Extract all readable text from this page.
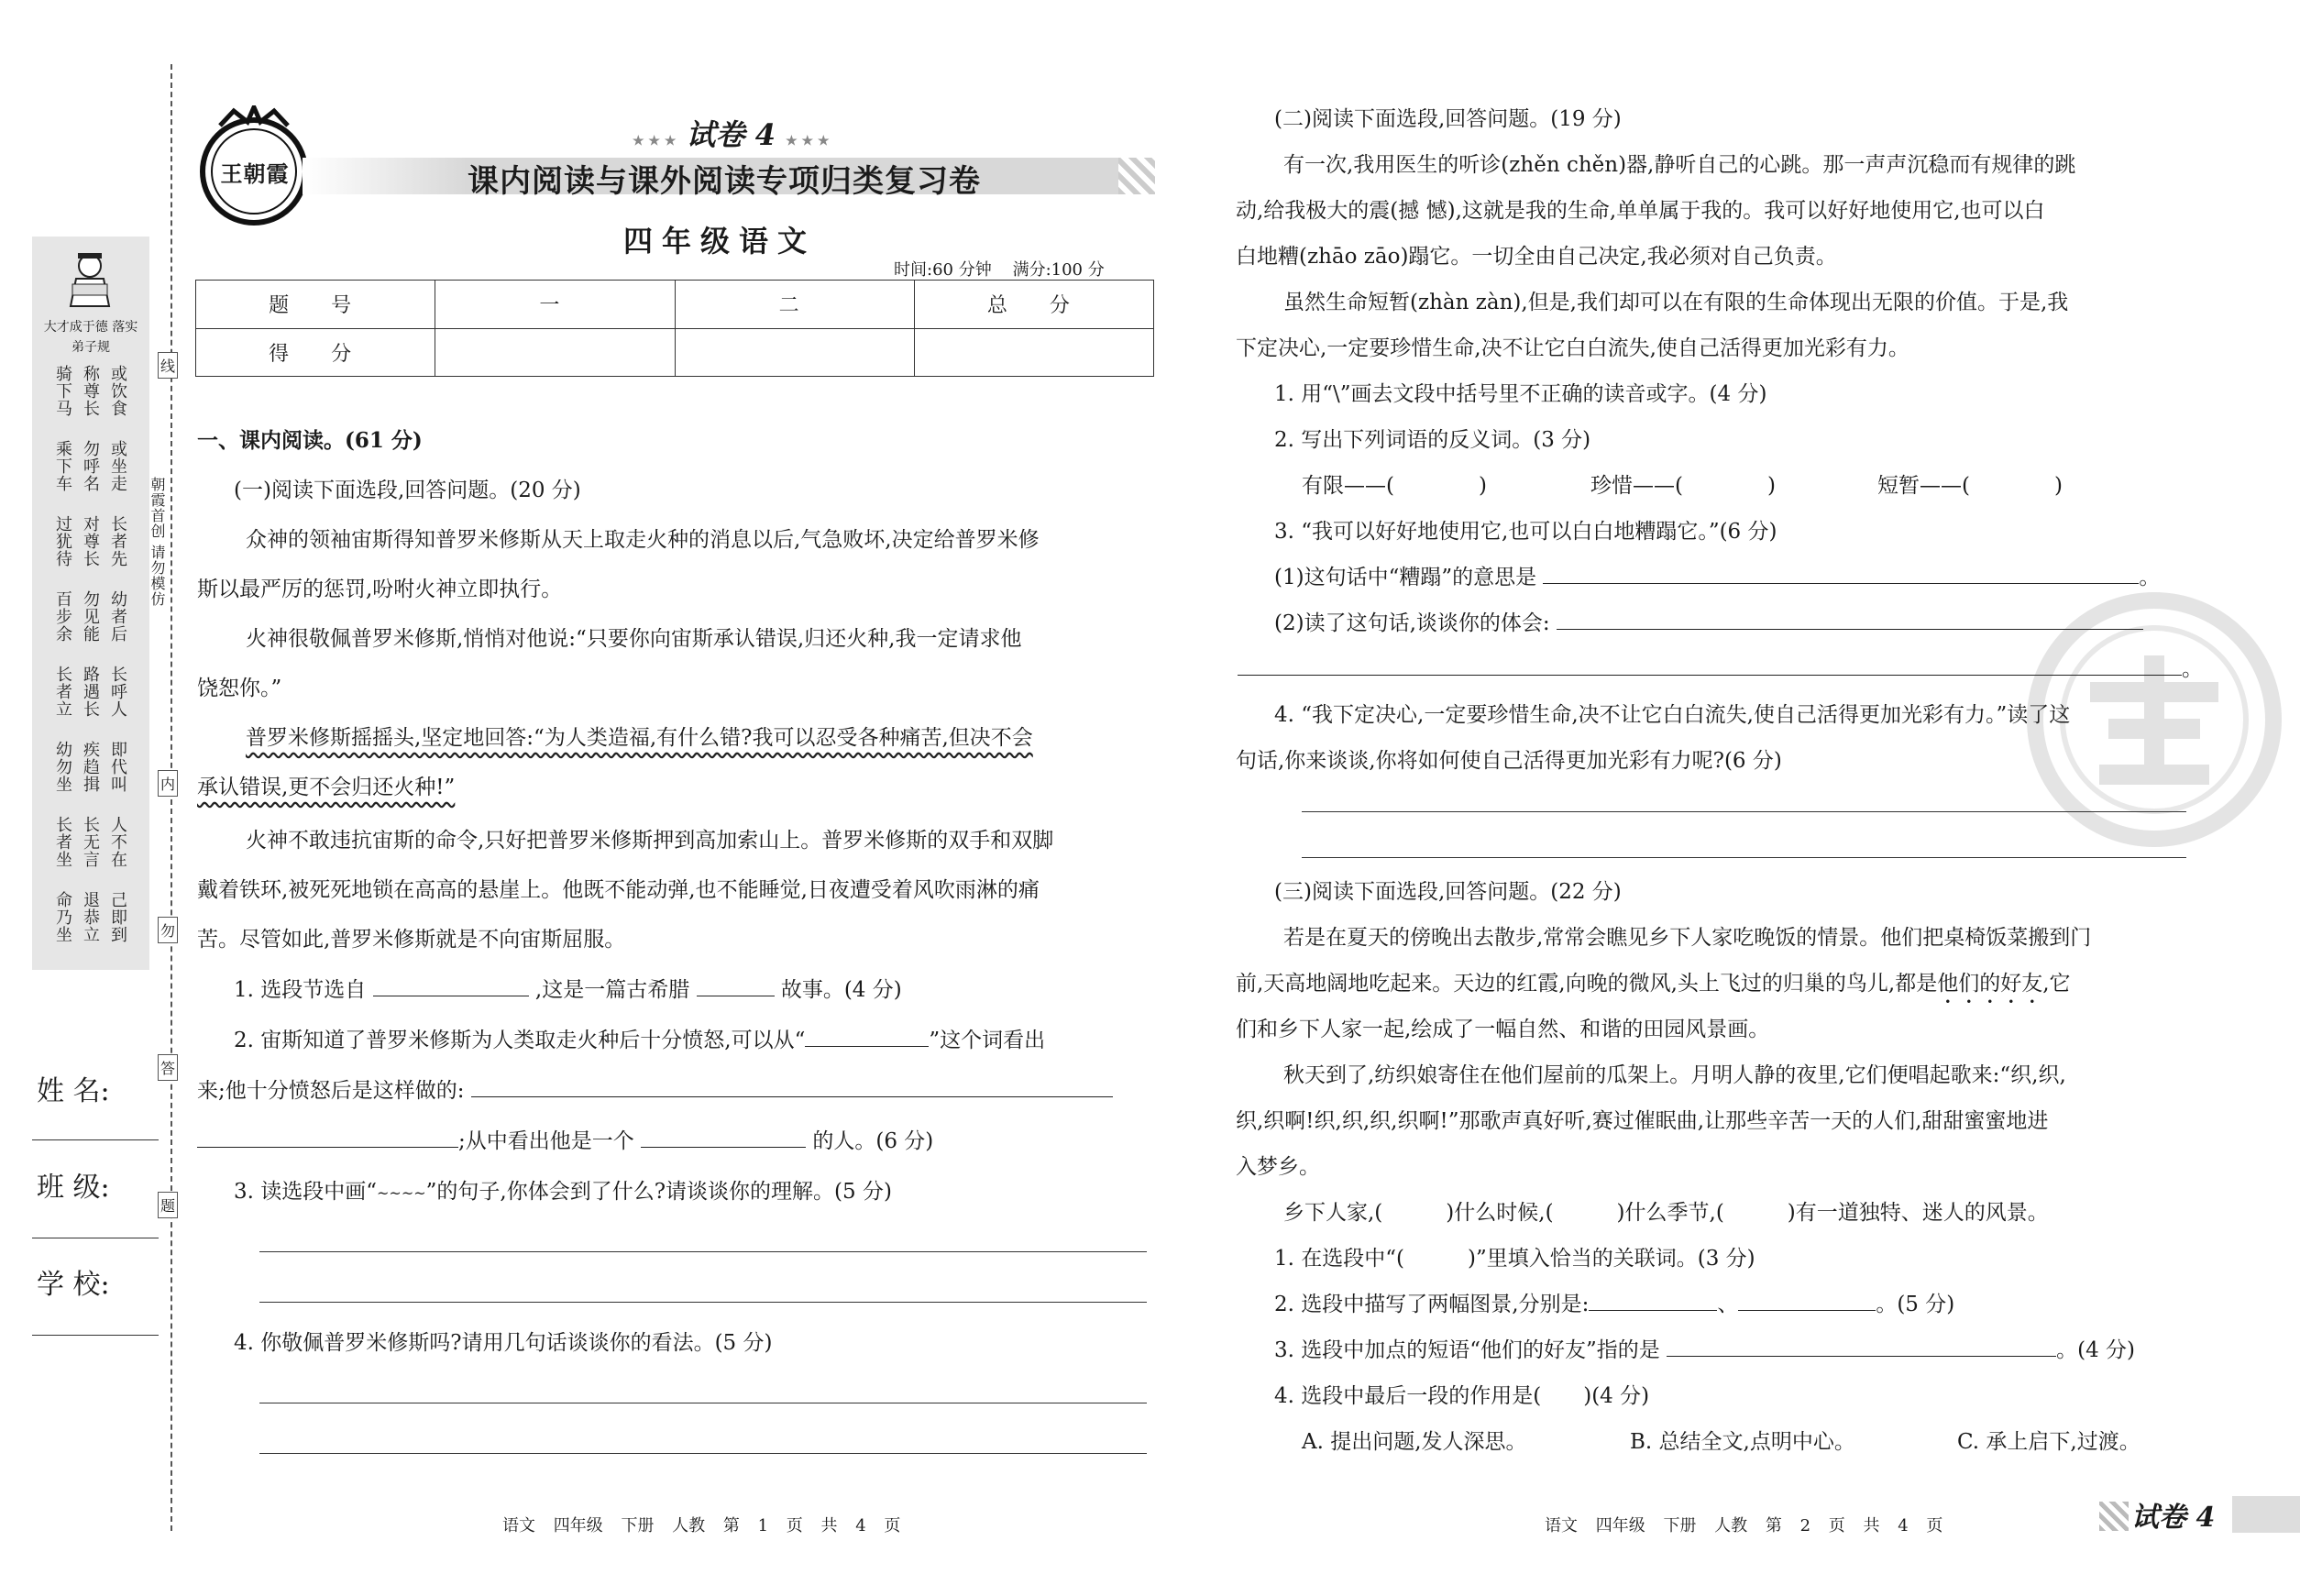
大才成于德 落实弟子规
或饮食
称尊长
骑下马
或坐走
勿呼名
乘下车
长者先
对尊长
过犹待
幼者后
勿见能
百步余
长呼人
路遇长
长者立
即代叫
疾趋揖
幼勿坐
人不在
长无言
长者坐
己即到
退恭立
命乃坐
朝霞首创 请勿模仿
线
内
勿
答
题
姓 名:
班 级:
学 校:
王朝霞
★ ★ ★ 试卷 4 ★ ★ ★
课内阅读与课外阅读专项归类复习卷
四年级语文
时间:60 分钟    满分:100 分
题　号	一	二	总　分
得　分			
一、课内阅读。(61 分)
(一)阅读下面选段,回答问题。(20 分)
众神的领袖宙斯得知普罗米修斯从天上取走火种的消息以后,气急败坏,决定给普罗米修
斯以最严厉的惩罚,吩咐火神立即执行。
火神很敬佩普罗米修斯,悄悄对他说:“只要你向宙斯承认错误,归还火种,我一定请求他
饶恕你。”
普罗米修斯摇摇头,坚定地回答:“为人类造福,有什么错?我可以忍受各种痛苦,但决不会
承认错误,更不会归还火种!”
火神不敢违抗宙斯的命令,只好把普罗米修斯押到高加索山上。普罗米修斯的双手和双脚
戴着铁环,被死死地锁在高高的悬崖上。他既不能动弹,也不能睡觉,日夜遭受着风吹雨淋的痛
苦。尽管如此,普罗米修斯就是不向宙斯屈服。
1. 选段节选自	,这是一篇古希腊	故事。(4 分)
2. 宙斯知道了普罗米修斯为人类取走火种后十分愤怒,可以从“	”这个词看出
来;他十分愤怒后是这样做的:
;从中看出他是一个	的人。(6 分)
3. 读选段中画“~~~~”的句子,你体会到了什么?请谈谈你的理解。(5 分)
4. 你敬佩普罗米修斯吗?请用几句话谈谈你的看法。(5 分)
语文 四年级 下册 人教 第 1 页 共 4 页
(二)阅读下面选段,回答问题。(19 分)
有一次,我用医生的听诊(zhěn chěn)器,静听自己的心跳。那一声声沉稳而有规律的跳
动,给我极大的震(撼 憾),这就是我的生命,单单属于我的。我可以好好地使用它,也可以白
白地糟(zhāo zāo)蹋它。一切全由自己决定,我必须对自己负责。
虽然生命短暂(zhàn zàn),但是,我们却可以在有限的生命体现出无限的价值。于是,我
下定决心,一定要珍惜生命,决不让它白白流失,使自己活得更加光彩有力。
1. 用“\”画去文段中括号里不正确的读音或字。(4 分)
2. 写出下列词语的反义词。(3 分)
有限——(　　　　)	珍惜——(　　　　)	短暂——(　　　　)
3. “我可以好好地使用它,也可以白白地糟蹋它。”(6 分)
(1)这句话中“糟蹋”的意思是	。
(2)读了这句话,谈谈你的体会:
。
4. “我下定决心,一定要珍惜生命,决不让它白白流失,使自己活得更加光彩有力。”读了这
句话,你来谈谈,你将如何使自己活得更加光彩有力呢?(6 分)
(三)阅读下面选段,回答问题。(22 分)
若是在夏天的傍晚出去散步,常常会瞧见乡下人家吃晚饭的情景。他们把桌椅饭菜搬到门
前,天高地阔地吃起来。天边的红霞,向晚的微风,头上飞过的归巢的鸟儿,都是他们的好友,它
们和乡下人家一起,绘成了一幅自然、和谐的田园风景画。
秋天到了,纺织娘寄住在他们屋前的瓜架上。月明人静的夜里,它们便唱起歌来:“织,织,
织,织啊!织,织,织,织啊!”那歌声真好听,赛过催眠曲,让那些辛苦一天的人们,甜甜蜜蜜地进
入梦乡。
乡下人家,(　　　)什么时候,(　　　)什么季节,(　　　)有一道独特、迷人的风景。
1. 在选段中“(　　　)”里填入恰当的关联词。(3 分)
2. 选段中描写了两幅图景,分别是:	、	。(5 分)
3. 选段中加点的短语“他们的好友”指的是	。(4 分)
4. 选段中最后一段的作用是(　　)(4 分)
A. 提出问题,发人深思。	B. 总结全文,点明中心。	C. 承上启下,过渡。
语文 四年级 下册 人教 第 2 页 共 4 页	试卷 4
